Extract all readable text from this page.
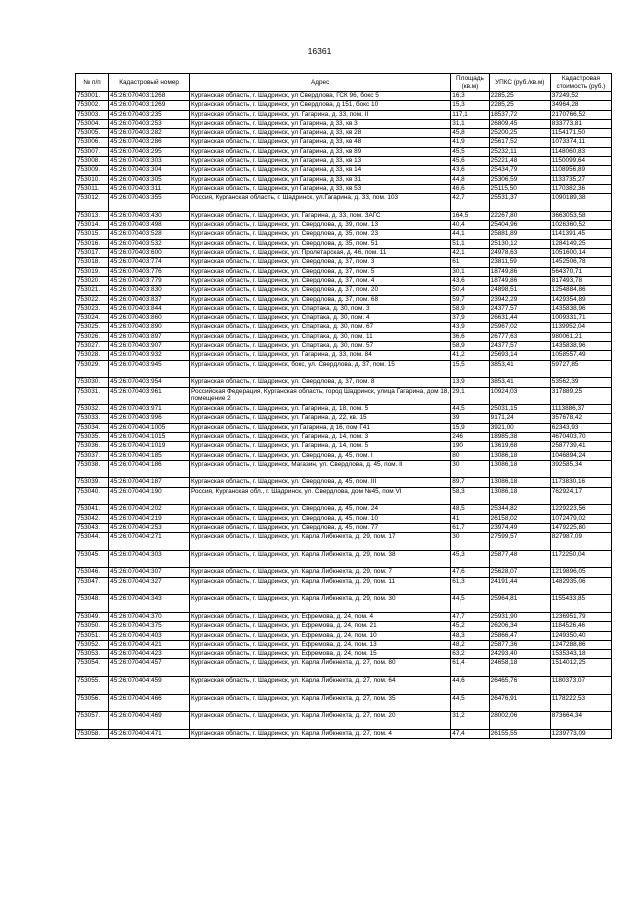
16361
№ п/п	Кадастровый номер	Адрес	Площадь (кв.м)	УПКС (руб./кв.м)	Кадастровая стоимость (руб.)
753001.	45:26:070403:1268	Курганская область, г. Шадринск, ул Свердлова, ГСК 96, бокс 5	16,3	2285,25	37249,52
753002.	45:26:070403:1269	Курганская область, г. Шадринск, ул Свердлова, д 151, бокс 10	15,3	2285,25	34964,28
753003.	45:26:070403:235	Курганская область, г. Шадринск, ул. Гагарина, д. 33, пом. II	117,1	18537,72	2170766,52
753004.	45:26:070403:253	Курганская область, г. Шадринск, ул Гагарина, д 33, кв 3	31,1	26809,45	833773,81
753005.	45:26:070403:282	Курганская область, г. Шадринск, ул Гагарина, д 33, кв 28	45,8	25200,25	1154171,50
753006.	45:26:070403:286	Курганская область, г. Шадринск, ул Гагарина, д 33, кв 48	41,9	25617,52	1073374,11
753007.	45:26:070403:295	Курганская область, г. Шадринск, ул Гагарина, д 33, кв 89	45,5	25232,11	1148060,83
753008.	45:26:070403:303	Курганская область, г. Шадринск, ул Гагарина, д 33, кв 13	45,6	25221,48	1150099,64
753009.	45:26:070403:304	Курганская область, г. Шадринск, ул Гагарина, д 33, кв 14	43,6	25434,79	1108956,89
753010.	45:26:070403:305	Курганская область, г. Шадринск, ул Гагарина, д 33, кв 31	44,8	25306,59	1133735,27
753011.	45:26:070403:311	Курганская область, г. Шадринск, ул Гагарина, д 33, кв 53	46,6	25115,50	1170382,36
753012.	45:26:070403:355	Россия, Курганская область, г. Шадринск, ул.Гагарина, д. 33, пом. 103	42,7	25531,37	1090189,38
753013.	45:26:070403:430	Курганская область, г. Шадринск, ул. Гагарина, д. 33, пом. ЗАГС	164,5	22267,80	3663053,58
753014.	45:26:070403:498	Курганская область, г. Шадринск, ул. Свердлова, д. 39, пом. 13	40,4	25404,96	1026360,52
753015.	45:26:070403:528	Курганская область, г. Шадринск, ул. Свердлова, д. 35, пом. 23	44,1	25881,89	1141391,45
753016.	45:26:070403:532	Курганская область, г. Шадринск, ул. Свердлова, д. 35, пом. 51	51,1	25130,12	1284149,25
753017.	45:26:070403:600	Курганская область, г. Шадринск, ул. Пролетарская, д. 46, пом. 11	42,1	24978,63	1051600,14
753018.	45:26:070403:774	Курганская область, г. Шадринск, ул. Свердлова, д. 37, пом. 3	61	23811,59	1452506,78
753019.	45:26:070403:776	Курганская область, г. Шадринск, ул. Свердлова, д. 37, пом. 5	30,1	18749,86	564370,71
753020.	45:26:070403:779	Курганская область, г. Шадринск, ул. Свердлова, д. 37, пом. 4	43,6	18749,86	817493,78
753021.	45:26:070403:830	Курганская область, г. Шадринск, ул. Свердлова, д. 37, пом. 20	50,4	24898,51	1254884,86
753022.	45:26:070403:837	Курганская область, г. Шадринск, ул. Свердлова, д. 37, пом. 68	59,7	23942,29	1429354,89
753023.	45:26:070403:844	Курганская область, г. Шадринск, ул. Спартака, д. 30, пом. 3	58,9	24377,57	1435838,96
753024.	45:26:070403:860	Курганская область, г. Шадринск, ул. Спартака, д. 30, пом. 4	37,9	26631,44	1009331,71
753025.	45:26:070403:890	Курганская область, г. Шадринск, ул. Спартака, д. 30, пом. 67	43,9	25967,02	1139952,04
753026.	45:26:070403:897	Курганская область, г. Шадринск, ул. Спартака, д. 30, пом. 11	36,6	26777,63	980061,21
753027.	45:26:070403:907	Курганская область, г. Шадринск, ул. Спартака, д. 30, пом. 57	58,9	24377,57	1435838,96
753028.	45:26:070403:932	Курганская область, г. Шадринск, ул. Гагарина, д. 33, пом. 84	41,2	25693,14	1058557,49
753029.	45:26:070403:945	Курганская область, г. Шадринск, бокс, ул. Свердлова, д. 37, пом. 15	15,5	3853,41	59727,85
753030.	45:26:070403:954	Курганская область, г. Шадринск, ул. Свердлова, д. 37, пом. 8	13,9	3853,41	53562,39
753031.	45:26:070403:961	Российская Федерация, Курганская область, город Шадринск, улица Гагарина, дом 18, помещение 2	29,1	10924,03	317889,25
753032.	45:26:070403:971	Курганская область, г. Шадринск, ул. Гагарина, д. 18, пом. 5	44,5	25031,15	1113886,37
753033.	45:26:070403:996	Курганская область, г. Шадринск, ул. Гагарина, д. 22, кв. 15	39	9171,24	357678,42
753034.	45:26:070404:1005	Курганская область, г. Шадринск, ул Гагарина, д 16, пом Г41	15,9	3921,00	62343,93
753035.	45:26:070404:1015	Курганская область, г. Шадринск, ул. Гагарина, д. 14, пом. 3	246	18985,38	4670403,70
753036.	45:26:070404:1019	Курганская область, г. Шадринск, ул. Гагарина, д. 14, пом. 5	190	13619,68	2587739,41
753037.	45:26:070404:185	Курганская область, г. Шадринск, ул. Свердлова, д. 45, пом. I	80	13086,18	1046894,24
753038.	45:26:070404:186	Курганская область, г. Шадринск, Магазин, ул. Свердлова, д. 45, пом. II	30	13086,18	392585,34
753039.	45:26:070404:187	Курганская область, г. Шадринск, ул. Свердлова, д. 45, пом. III	89,7	13086,18	1173830,16
753040.	45:26:070404:190	Россия, Курганская обл., г. Шадринск, ул. Свердлова, дом №45, пом VI	58,3	13086,18	762924,17
753041.	45:26:070404:202	Курганская область, г. Шадринск, ул. Свердлова, д. 45, пом. 24	48,5	25344,82	1229223,56
753042.	45:26:070404:219	Курганская область, г. Шадринск, ул. Свердлова, д. 45, пом. 10	41	26158,02	1072479,02
753043.	45:26:070404:253	Курганская область, г. Шадринск, ул. Свердлова, д. 45, пом. 77	61,7	23974,49	1479225,80
753044.	45:26:070404:271	Курганская область, г. Шадринск, ул. Карла Либкнехта, д. 29, пом. 17	30	27599,57	827987,09
753045.	45:26:070404:303	Курганская область, г. Шадринск, ул. Карла Либкнехта, д. 29, пом. 38	45,3	25877,48	1172250,04
753046.	45:26:070404:307	Курганская область, г. Шадринск, ул. Карла Либкнехта, д. 29, пом. 7	47,6	25628,07	1219896,05
753047.	45:26:070404:327	Курганская область, г. Шадринск, ул. Карла Либкнехта, д. 29, пом. 11	61,3	24191,44	1482935,06
753048.	45:26:070404:343	Курганская область, г. Шадринск, ул. Карла Либкнехта, д. 29, пом. 30	44,5	25964,81	1155433,85
753049.	45:26:070404:370	Курганская область, г. Шадринск, ул. Ефремова, д. 24, пом. 4	47,7	25931,90	1236951,79
753050.	45:26:070404:375	Курганская область, г. Шадринск, ул. Ефремова, д. 24, пом. 21	45,2	26206,34	1184526,46
753051.	45:26:070404:403	Курганская область, г. Шадринск, ул. Ефремова, д. 24, пом. 10	48,3	25866,47	1249350,40
753052.	45:26:070404:421	Курганская область, г. Шадринск, ул. Ефремова, д. 24, пом. 13	48,2	25877,36	1247288,86
753053.	45:26:070404:423	Курганская область, г. Шадринск, ул. Ефремова, д. 24, пом. 15	63,2	24293,40	1535343,18
753054.	45:26:070404:457	Курганская область, г. Шадринск, ул. Карла Либкнехта, д. 27, пом. 80	61,4	24658,18	1514012,25
753055.	45:26:070404:459	Курганская область, г. Шадринск, ул. Карла Либкнехта, д. 27, пом. 64	44,6	26465,76	1180373,07
753056.	45:26:070404:466	Курганская область, г. Шадринск, ул. Карла Либкнехта, д. 27, пом. 35	44,5	26476,91	1178222,53
753057.	45:26:070404:469	Курганская область, г. Шадринск, ул. Карла Либкнехта, д. 27, пом. 20	31,2	28002,06	873664,34
753058.	45:26:070404:471	Курганская область, г. Шадринск, ул. Карла Либкнехта, д. 27, пом. 4	47,4	26155,55	1239773,09
